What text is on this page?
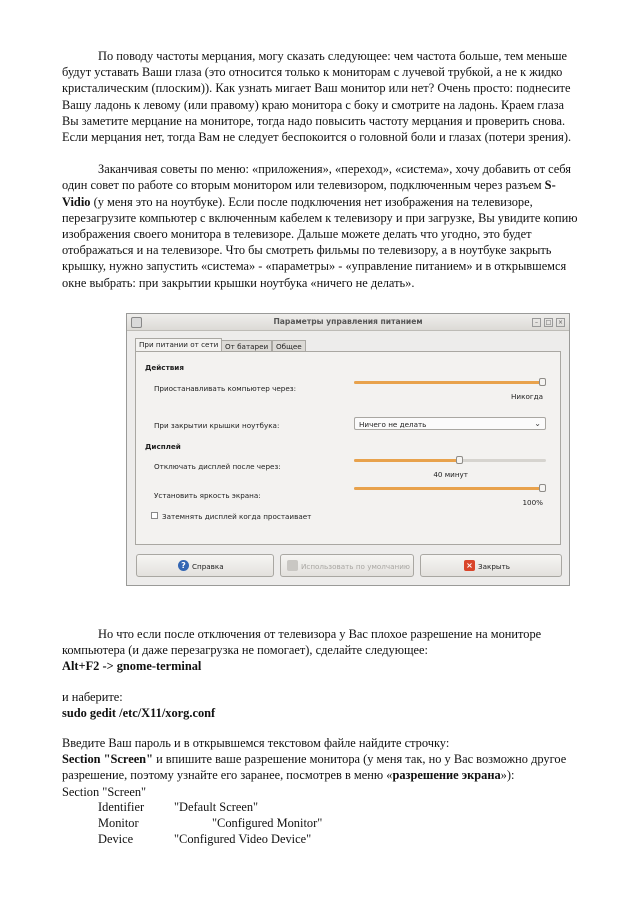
По поводу частоты мерцания, могу сказать следующее: чем частота больше, тем меньше будут уставать Ваши глаза (это относится только к мониторам с лучевой трубкой, а не к жидко кристалическим (плоским)). Как узнать мигает Ваш монитор или нет? Очень просто: поднесите Вашу ладонь к левому (или правому) краю монитора с боку и смотрите на ладонь. Краем глаза Вы заметите мерцание на мониторе, тогда надо повысить частоту мерцания и проверить снова. Если мерцания нет, тогда Вам не следует беспокоится о головной боли и глазах (потери зрения).

Заканчивая советы по меню: «приложения», «переход», «система», хочу добавить от себя один совет по работе со вторым монитором или телевизором, подключенным через разъем S-Vidio (у меня это на ноутбуке). Если после подключения нет изображения на телевизоре, перезагрузите компьютер с включенным кабелем к телевизору и при загрузке, Вы увидите копию изображения своего монитора в телевизоре. Дальше можете делать что угодно, это будет отображаться и на телевизоре. Что бы смотреть фильмы по телевизору, а в ноутбуке закрыть крышку, нужно запустить «система» - «параметры» - «управление питанием» и в открывшемся окне выбрать: при закрытии крышки ноутбука «ничего не делать».

Параметры управления питанием	–	□	×
При питании от сети От батареи	Общее
Действия
Приостанавливать компьютер через:
Никогда
При закрытии крышки ноутбука:	Ничего не делать	⌄
Дисплей
Отключать дисплей после через:
40 минут
Установить яркость экрана:
100%
Затемнять дисплей когда простаивает
? Справка	Использовать по умолчанию	× Закрыть

Но что если после отключения от телевизора у Вас плохое разрешение на мониторе компьютера (и даже перезагрузка не помогает), сделайте следующее:

Alt+F2 -> gnome-terminal

и наберите:

sudo gedit /etc/X11/xorg.conf

Введите Ваш пароль и в открывшемся текстовом файле найдите строчку:
Section "Screen" и впишите ваше разрешение монитора (у меня так, но у Вас возможно другое разрешение, поэтому узнайте его заранее, посмотрев в меню «разрешение экрана»):

Section "Screen"

Identifier "Default Screen"
Monitor	"Configured Monitor"
Device	"Configured Video Device"
